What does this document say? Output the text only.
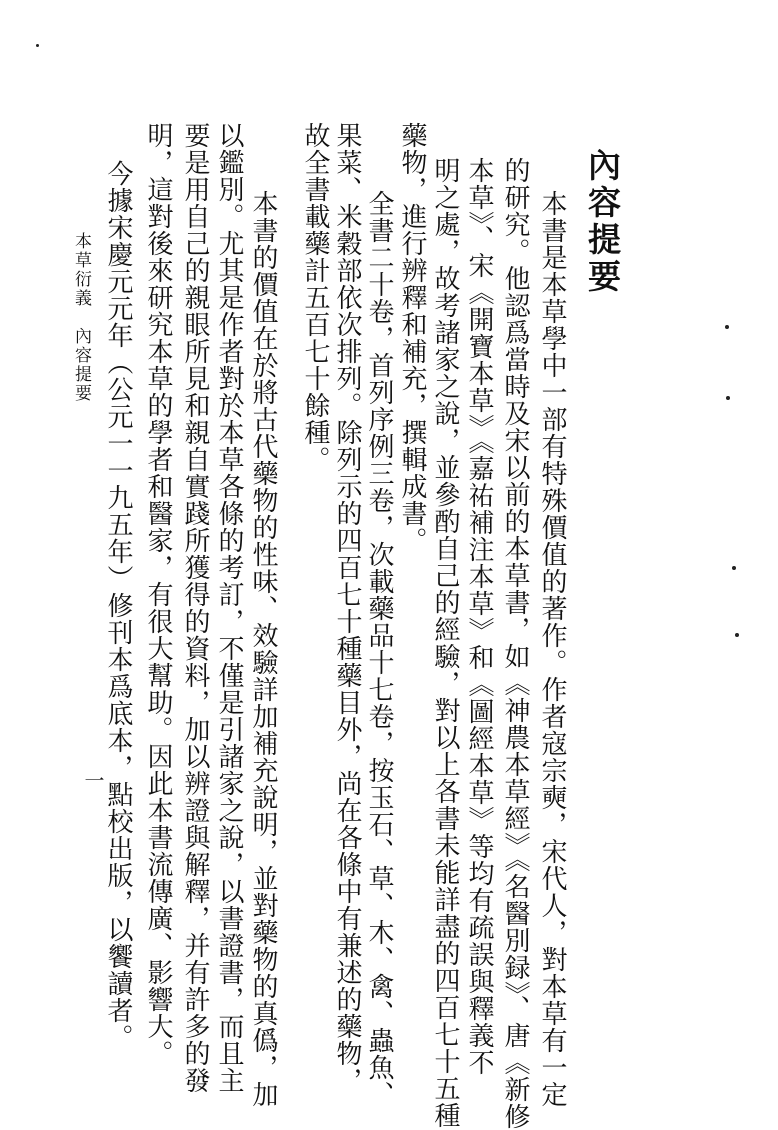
內容提要
本書是本草學中一部有特殊價值的著作。作者寇宗奭，宋代人，對本草有一定
的研究。他認爲當時及宋以前的本草書，如《神農本草經》《名醫別録》、唐《新修
本草》、宋《開寶本草》《嘉祐補注本草》和《圖經本草》等均有疏誤與釋義不
明之處，故考諸家之說，並參酌自己的經驗，對以上各書未能詳盡的四百七十五種
藥物，進行辨釋和補充，撰輯成書。
全書二十卷，首列序例三卷，次載藥品十七卷，按玉石、草、木、禽、蟲魚、
果菜、米穀部依次排列。除列示的四百七十種藥目外，尚在各條中有兼述的藥物，
故全書載藥計五百七十餘種。
本書的價值在於將古代藥物的性味、效驗詳加補充說明，並對藥物的真僞，加
以鑑別。尤其是作者對於本草各條的考訂，不僅是引諸家之說，以書證書，而且主
要是用自己的親眼所見和親自實踐所獲得的資料，加以辨證與解釋，并有許多的發
明，這對後來研究本草的學者和醫家，有很大幫助。因此本書流傳廣、影響大。
今據宋慶元元年（公元一一九五年）修刊本爲底本，點校出版，以饗讀者。
本草衍義　內容提要
一
